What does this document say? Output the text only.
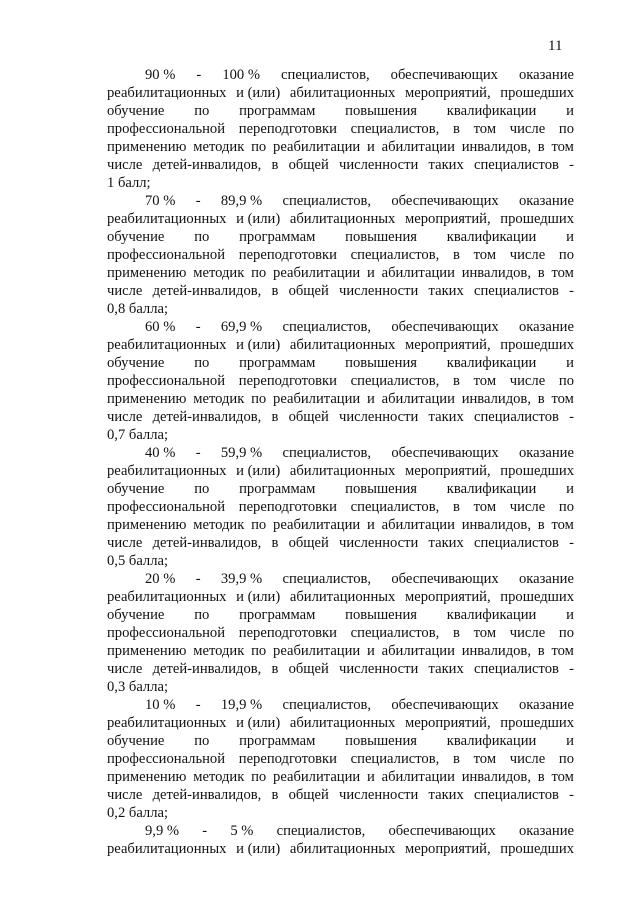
11
90 % - 100 % специалистов, обеспечивающих оказание
реабилитационных и (или) абилитационных мероприятий, прошедших
обучение по программам повышения квалификации и
профессиональной переподготовки специалистов, в том числе по
применению методик по реабилитации и абилитации инвалидов, в том
числе детей-инвалидов, в общей численности таких специалистов -
1 балл;
70 % - 89,9 % специалистов, обеспечивающих оказание
реабилитационных и (или) абилитационных мероприятий, прошедших
обучение по программам повышения квалификации и
профессиональной переподготовки специалистов, в том числе по
применению методик по реабилитации и абилитации инвалидов, в том
числе детей-инвалидов, в общей численности таких специалистов -
0,8 балла;
60 % - 69,9 % специалистов, обеспечивающих оказание
реабилитационных и (или) абилитационных мероприятий, прошедших
обучение по программам повышения квалификации и
профессиональной переподготовки специалистов, в том числе по
применению методик по реабилитации и абилитации инвалидов, в том
числе детей-инвалидов, в общей численности таких специалистов -
0,7 балла;
40 % - 59,9 % специалистов, обеспечивающих оказание
реабилитационных и (или) абилитационных мероприятий, прошедших
обучение по программам повышения квалификации и
профессиональной переподготовки специалистов, в том числе по
применению методик по реабилитации и абилитации инвалидов, в том
числе детей-инвалидов, в общей численности таких специалистов -
0,5 балла;
20 % - 39,9 % специалистов, обеспечивающих оказание
реабилитационных и (или) абилитационных мероприятий, прошедших
обучение по программам повышения квалификации и
профессиональной переподготовки специалистов, в том числе по
применению методик по реабилитации и абилитации инвалидов, в том
числе детей-инвалидов, в общей численности таких специалистов -
0,3 балла;
10 % - 19,9 % специалистов, обеспечивающих оказание
реабилитационных и (или) абилитационных мероприятий, прошедших
обучение по программам повышения квалификации и
профессиональной переподготовки специалистов, в том числе по
применению методик по реабилитации и абилитации инвалидов, в том
числе детей-инвалидов, в общей численности таких специалистов -
0,2 балла;
9,9 % - 5 % специалистов, обеспечивающих оказание
реабилитационных и (или) абилитационных мероприятий, прошедших
